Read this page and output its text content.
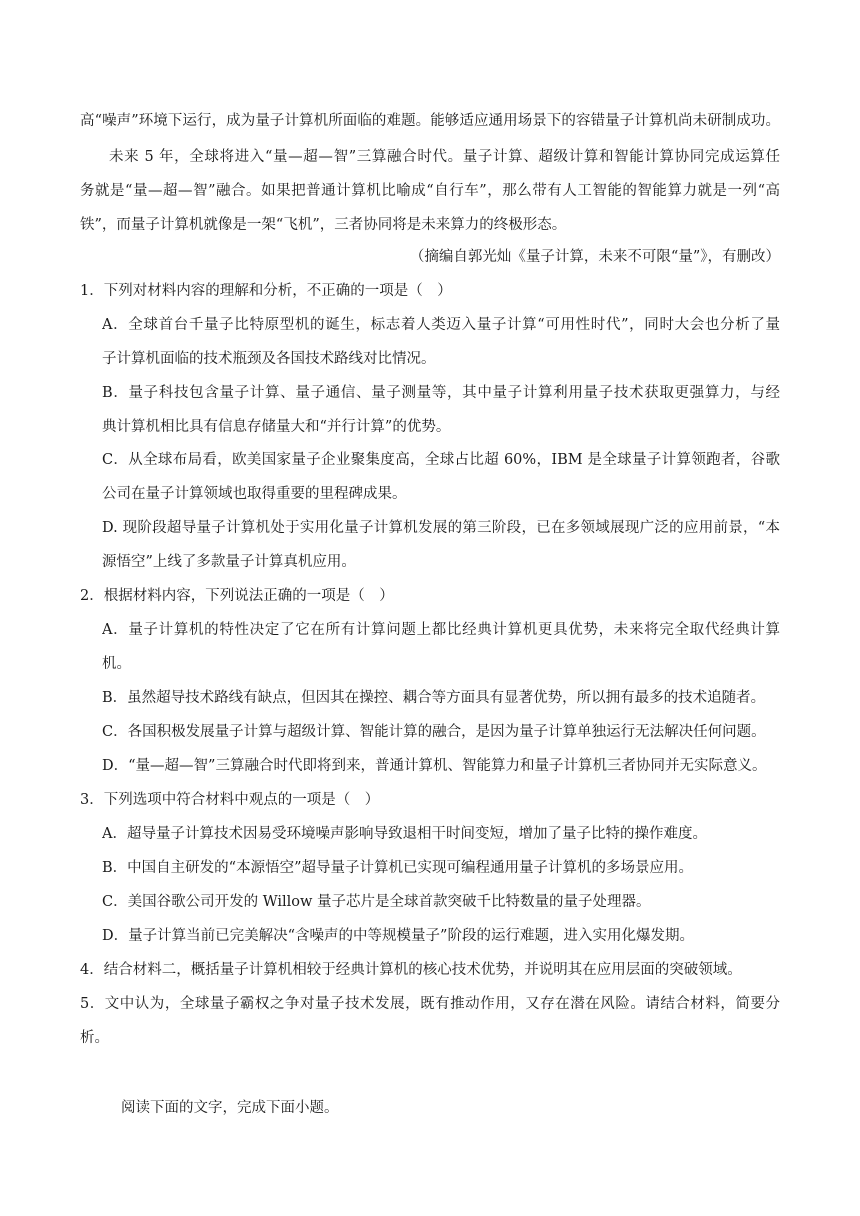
高“噪声”环境下运行，成为量子计算机所面临的难题。能够适应通用场景下的容错量子计算机尚未研制成功。
未来 5 年，全球将进入“量—超—智”三算融合时代。量子计算、超级计算和智能计算协同完成运算任
务就是“量—超—智”融合。如果把普通计算机比喻成“自行车”，那么带有人工智能的智能算力就是一列“高
铁”，而量子计算机就像是一架“飞机”，三者协同将是未来算力的终极形态。
（摘编自郭光灿《量子计算，未来不可限“量”》，有删改）
1．下列对材料内容的理解和分析，不正确的一项是（　）
A．全球首台千量子比特原型机的诞生，标志着人类迈入量子计算“可用性时代”，同时大会也分析了量
子计算机面临的技术瓶颈及各国技术路线对比情况。
B．量子科技包含量子计算、量子通信、量子测量等，其中量子计算利用量子技术获取更强算力，与经
典计算机相比具有信息存储量大和“并行计算”的优势。
C．从全球布局看，欧美国家量子企业聚集度高，全球占比超 60%，IBM 是全球量子计算领跑者，谷歌
公司在量子计算领域也取得重要的里程碑成果。
D. 现阶段超导量子计算机处于实用化量子计算机发展的第三阶段，已在多领域展现广泛的应用前景，“本
源悟空”上线了多款量子计算真机应用。
2．根据材料内容，下列说法正确的一项是（　）
A．量子计算机的特性决定了它在所有计算问题上都比经典计算机更具优势，未来将完全取代经典计算
机。
B．虽然超导技术路线有缺点，但因其在操控、耦合等方面具有显著优势，所以拥有最多的技术追随者。
C．各国积极发展量子计算与超级计算、智能计算的融合，是因为量子计算单独运行无法解决任何问题。
D．“量—超—智”三算融合时代即将到来，普通计算机、智能算力和量子计算机三者协同并无实际意义。
3．下列选项中符合材料中观点的一项是（　）
A．超导量子计算技术因易受环境噪声影响导致退相干时间变短，增加了量子比特的操作难度。
B．中国自主研发的“本源悟空”超导量子计算机已实现可编程通用量子计算机的多场景应用。
C．美国谷歌公司开发的 Willow 量子芯片是全球首款突破千比特数量的量子处理器。
D．量子计算当前已完美解决“含噪声的中等规模量子”阶段的运行难题，进入实用化爆发期。
4．结合材料二，概括量子计算机相较于经典计算机的核心技术优势，并说明其在应用层面的突破领域。
5．文中认为，全球量子霸权之争对量子技术发展，既有推动作用，又存在潜在风险。请结合材料，简要分
析。
阅读下面的文字，完成下面小题。
